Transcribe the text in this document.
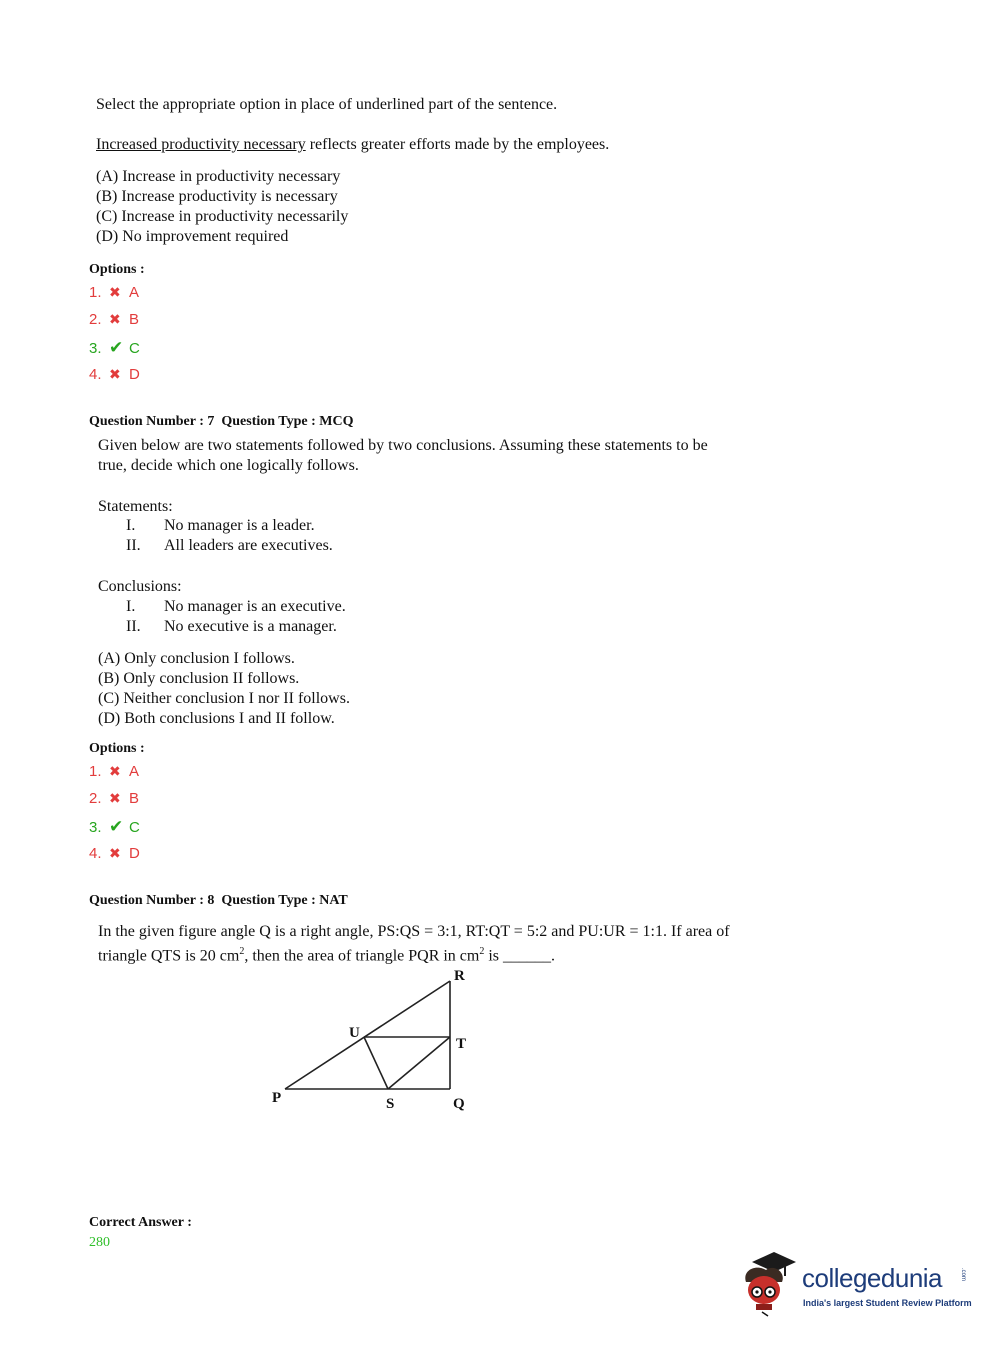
Select the appropriate option in place of underlined part of the sentence.
Increased productivity necessary reflects greater efforts made by the employees.
(A) Increase in productivity necessary
(B) Increase productivity is necessary
(C) Increase in productivity necessarily
(D) No improvement required
Options :
1. ✖ A
2. ✖ B
3. ✔ C
4. ✖ D
Question Number : 7  Question Type : MCQ
Given below are two statements followed by two conclusions. Assuming these statements to be
true, decide which one logically follows.
Statements:
I. No manager is a leader.
II. All leaders are executives.
Conclusions:
I. No manager is an executive.
II. No executive is a manager.
(A) Only conclusion I follows.
(B) Only conclusion II follows.
(C) Neither conclusion I nor II follows.
(D) Both conclusions I and II follow.
Options :
1. ✖ A
2. ✖ B
3. ✔ C
4. ✖ D
Question Number : 8  Question Type : NAT
In the given figure angle Q is a right angle, PS:QS = 3:1, RT:QT = 5:2 and PU:UR = 1:1. If area of
triangle QTS is 20 $cm^2$, then the area of triangle PQR in $cm^2$ is ______.
R
T
U
P	S	Q
Correct Answer :
280
collegedunia	.com
India's largest Student Review Platform
